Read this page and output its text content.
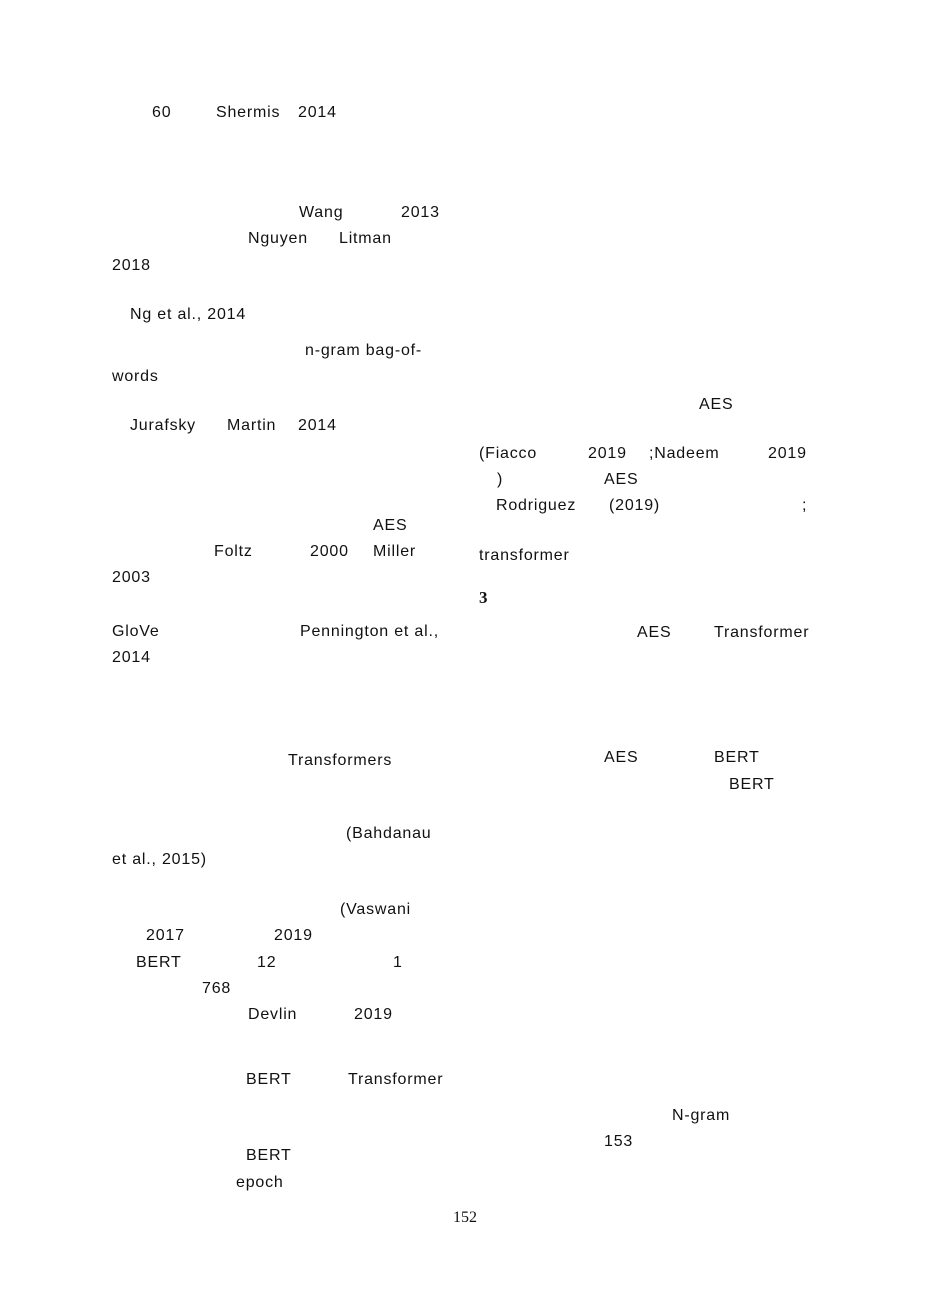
60	Shermis 2014
Wang	2013
Nguyen Litman
2018
Ng et al., 2014
n-gram bag-of-
words
Jurafsky Martin 2014
AES
Foltz	2000 Miller
2003
GloVe	Pennington et al.,
2014
Transformers
(Bahdanau
et al., 2015)
(Vaswani
2017	2019
BERT	12	1
768
Devlin	2019
BERT	Transformer
BERT
epoch
AES
(Fiacco	2019 ;Nadeem	2019
)	AES
Rodriguez (2019)	;
transformer
3
AES	Transformer
AES	BERT
BERT
N-gram
153
152
